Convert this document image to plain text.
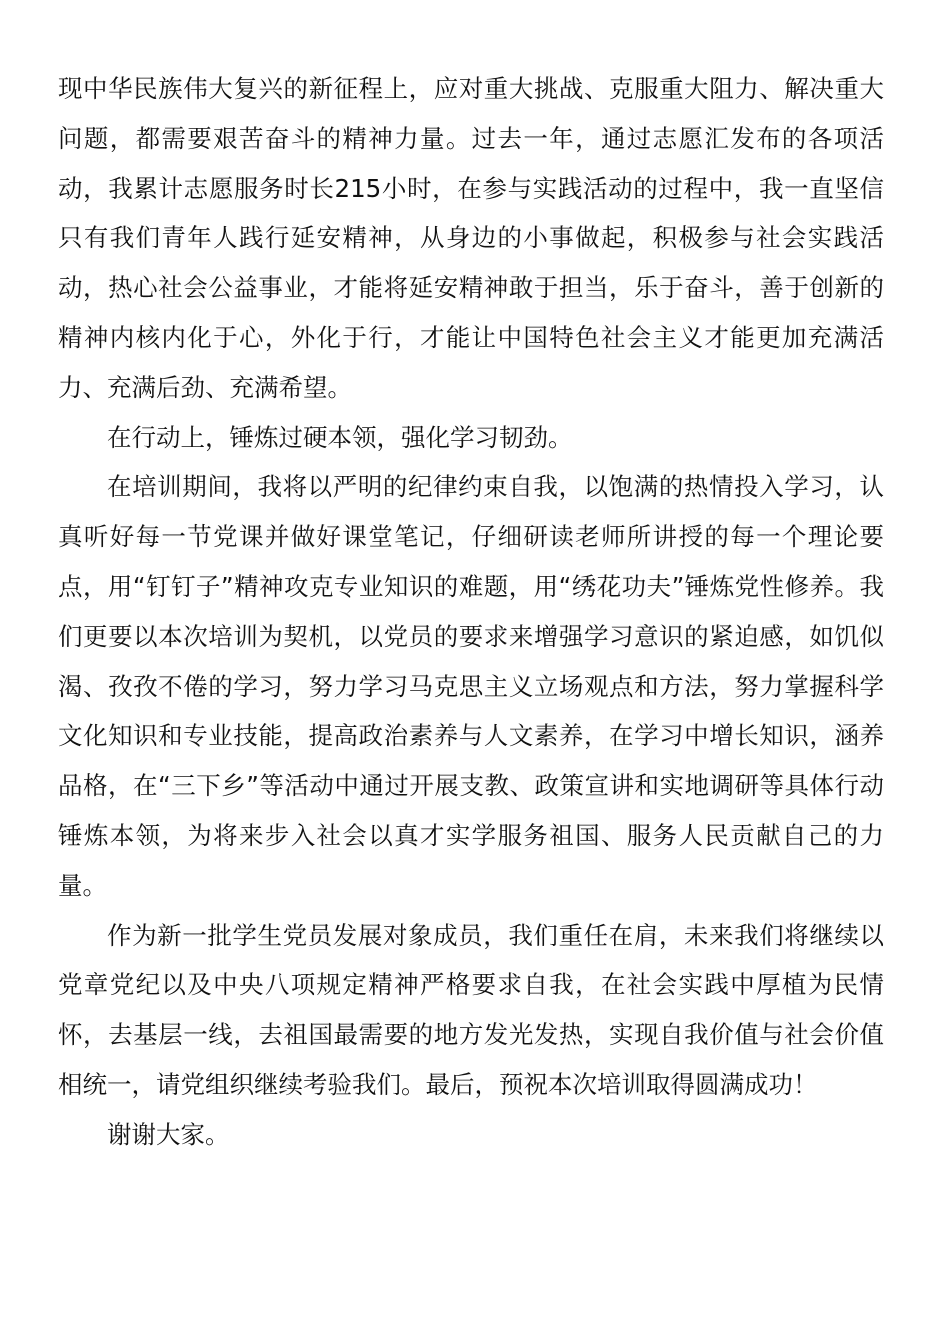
现中华民族伟大复兴的新征程上，应对重大挑战、克服重大阻力、解决重大问题，都需要艰苦奋斗的精神力量。过去一年，通过志愿汇发布的各项活动，我累计志愿服务时长215小时，在参与实践活动的过程中，我一直坚信只有我们青年人践行延安精神，从身边的小事做起，积极参与社会实践活动，热心社会公益事业，才能将延安精神敢于担当，乐于奋斗，善于创新的精神内核内化于心，外化于行，才能让中国特色社会主义才能更加充满活力、充满后劲、充满希望。

在行动上，锤炼过硬本领，强化学习韧劲。

在培训期间，我将以严明的纪律约束自我，以饱满的热情投入学习，认真听好每一节党课并做好课堂笔记，仔细研读老师所讲授的每一个理论要点，用“钉钉子”精神攻克专业知识的难题，用“绣花功夫”锤炼党性修养。我们更要以本次培训为契机，以党员的要求来增强学习意识的紧迫感，如饥似渴、孜孜不倦的学习，努力学习马克思主义立场观点和方法，努力掌握科学文化知识和专业技能，提高政治素养与人文素养，在学习中增长知识，涵养品格，在“三下乡”等活动中通过开展支教、政策宣讲和实地调研等具体行动锤炼本领，为将来步入社会以真才实学服务祖国、服务人民贡献自己的力量。

作为新一批学生党员发展对象成员，我们重任在肩，未来我们将继续以党章党纪以及中央八项规定精神严格要求自我，在社会实践中厚植为民情怀，去基层一线，去祖国最需要的地方发光发热，实现自我价值与社会价值相统一，请党组织继续考验我们。最后，预祝本次培训取得圆满成功！

谢谢大家。
